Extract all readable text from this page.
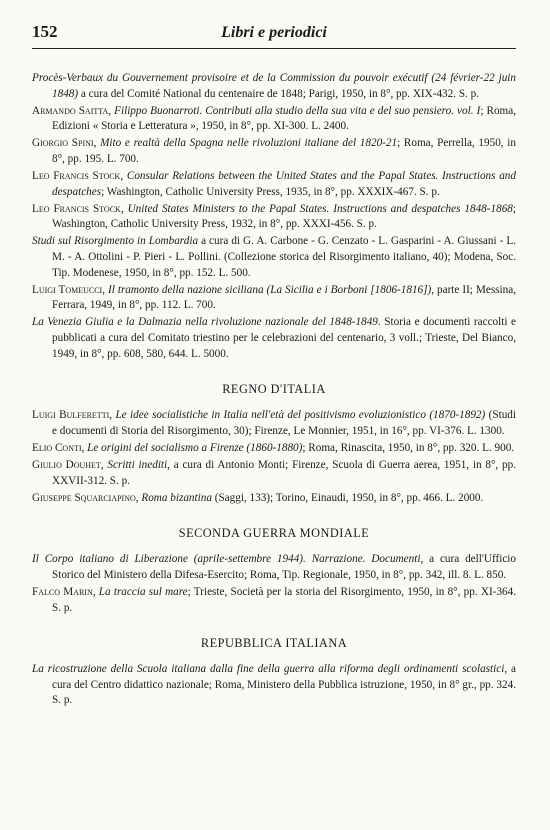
152	Libri e periodici

Procès-Verbaux du Gouvernement provisoire et de la Commission du pouvoir exécutif (24 février-22 juin 1848) a cura del Comité National du centenaire de 1848; Parigi, 1950, in 8°, pp. XIX-432. S. p.

Armando Saitta, Filippo Buonarroti. Contributi alla studio della sua vita e del suo pensiero. vol. I; Roma, Edizioni « Storia e Letteratura », 1950, in 8°, pp. XI-300. L. 2400.

Giorgio Spini, Mito e realtà della Spagna nelle rivoluzioni italiane del 1820-21; Roma, Perrella, 1950, in 8°, pp. 195. L. 700.

Leo Francis Stock, Consular Relations between the United States and the Papal States. Instructions and despatches; Washington, Catholic University Press, 1935, in 8°, pp. XXXIX-467. S. p.

Leo Francis Stock, United States Ministers to the Papal States. Instructions and despatches 1848-1868; Washington, Catholic University Press, 1932, in 8°, pp. XXXI-456. S. p.

Studi sul Risorgimento in Lombardia a cura di G. A. Carbone - G. Cenzato - L. Gasparini - A. Giussani - L. M. - A. Ottolini - P. Pieri - L. Pollini. (Collezione storica del Risorgimento italiano, 40); Modena, Soc. Tip. Modenese, 1950, in 8°, pp. 152. L. 500.

Luigi Tomeucci, Il tramonto della nazione siciliana (La Sicilia e i Borboni [1806-1816]), parte II; Messina, Ferrara, 1949, in 8°, pp. 112. L. 700.

La Venezia Giulia e la Dalmazia nella rivoluzione nazionale del 1848-1849. Storia e documenti raccolti e pubblicati a cura del Comitato triestino per le celebrazioni del centenario, 3 voll.; Trieste, Del Bianco, 1949, in 8°, pp. 608, 580, 644. L. 5000.

REGNO D'ITALIA

Luigi Bulferetti, Le idee socialistiche in Italia nell'età del positivismo evoluzionistico (1870-1892) (Studi e documenti di Storia del Risorgimento, 30); Firenze, Le Monnier, 1951, in 16°, pp. VI-376. L. 1300.

Elio Conti, Le origini del socialismo a Firenze (1860-1880); Roma, Rinascita, 1950, in 8°, pp. 320. L. 900.

Giulio Douhet, Scritti inediti, a cura di Antonio Monti; Firenze, Scuola di Guerra aerea, 1951, in 8°, pp. XXVII-312. S. p.

Giuseppe Squarciapino, Roma bizantina (Saggi, 133); Torino, Einaudi, 1950, in 8°, pp. 466. L. 2000.

SECONDA GUERRA MONDIALE

Il Corpo italiano di Liberazione (aprile-settembre 1944). Narrazione. Documenti, a cura dell'Ufficio Storico del Ministero della Difesa-Esercito; Roma, Tip. Regionale, 1950, in 8°, pp. 342, ill. 8. L. 850.

Falco Marin, La traccia sul mare; Trieste, Società per la storia del Risorgimento, 1950, in 8°, pp. XI-364. S. p.

REPUBBLICA ITALIANA

La ricostruzione della Scuola italiana dalla fine della guerra alla riforma degli ordinamenti scolastici, a cura del Centro didattico nazionale; Roma, Ministero della Pubblica istruzione, 1950, in 8° gr., pp. 324. S. p.
